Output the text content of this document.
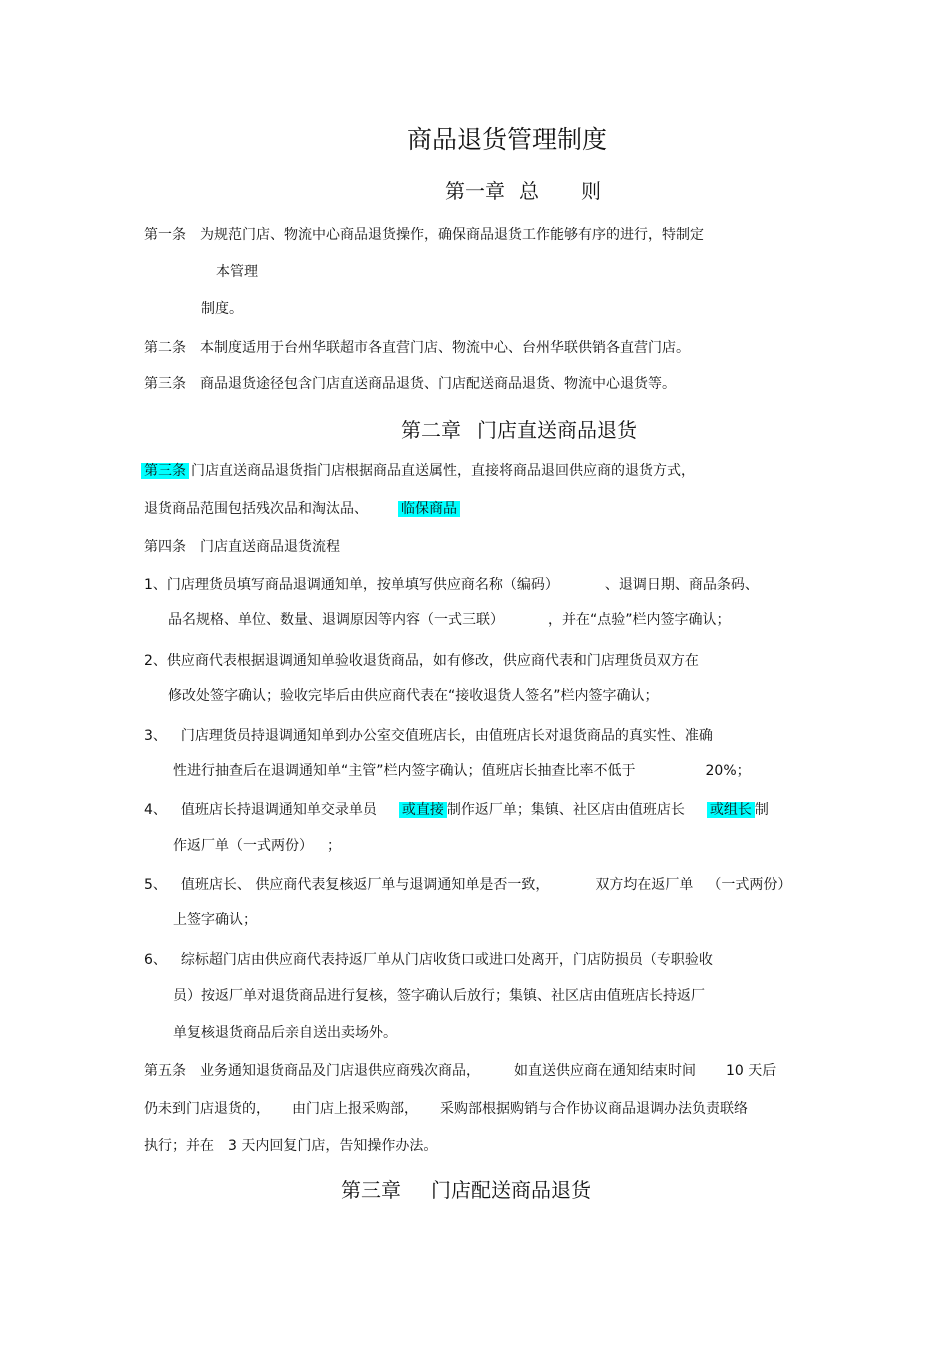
商品退货管理制度
第一章 总 则
第一条 为规范门店、物流中心商品退货操作，确保商品退货工作能够有序的进行，特制定
本管理
制度。
第二条 本制度适用于台州华联超市各直营门店、物流中心、台州华联供销各直营门店。
第三条 商品退货途径包含门店直送商品退货、门店配送商品退货、物流中心退货等。
第二章 门店直送商品退货
第三条 门店直送商品退货指门店根据商品直送属性，直接将商品退回供应商的退货方式，
退货商品范围包括残次品和淘汰品、 临保商品
第四条 门店直送商品退货流程
1、门店理货员填写商品退调通知单，按单填写供应商名称（编码）	、退调日期、商品条码、
品名规格、单位、数量、退调原因等内容（一式三联）	，并在“点验”栏内签字确认；
2、供应商代表根据退调通知单验收退货商品，如有修改，供应商代表和门店理货员双方在
修改处签字确认；验收完毕后由供应商代表在“接收退货人签名”栏内签字确认；
3、 门店理货员持退调通知单到办公室交值班店长，由值班店长对退货商品的真实性、准确
性进行抽查后在退调通知单“主管”栏内签字确认；值班店长抽查比率不低于	20%；
4、 值班店长持退调通知单交录单员 或直接 制作返厂单；集镇、社区店由值班店长 或组长 制
作返厂单（一式两份） ；
5、 值班店长、 供应商代表复核返厂单与退调通知单是否一致，	双方均在返厂单 （一式两份）
上签字确认；
6、 综标超门店由供应商代表持返厂单从门店收货口或进口处离开，门店防损员（专职验收
员）按返厂单对退货商品进行复核，签字确认后放行；集镇、社区店由值班店长持返厂
单复核退货商品后亲自送出卖场外。
第五条 业务通知退货商品及门店退供应商残次商品， 如直送供应商在通知结束时间 10 天后
仍未到门店退货的， 由门店上报采购部， 采购部根据购销与合作协议商品退调办法负责联络
执行；并在 3 天内回复门店，告知操作办法。
第三章 门店配送商品退货
